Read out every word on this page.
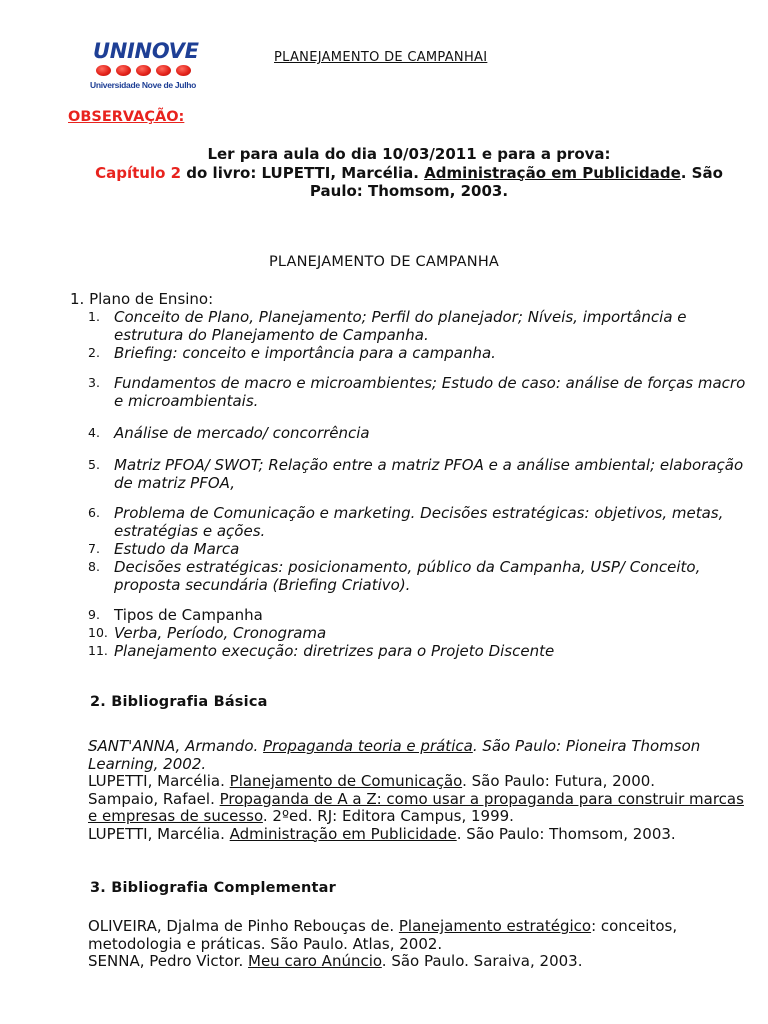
UNINOVE
Universidade Nove de Julho
PLANEJAMENTO DE CAMPANHAI
OBSERVAÇÃO:
Ler para aula do dia 10/03/2011 e para a prova:
Capítulo 2 do livro: LUPETTI, Marcélia. Administração em Publicidade. São
Paulo: Thomsom, 2003.
PLANEJAMENTO DE CAMPANHA
1. Plano de Ensino:
1. Conceito de Plano, Planejamento; Perfil do planejador; Níveis, importância e estrutura do Planejamento de Campanha.
2. Briefing: conceito e importância para a campanha.
3. Fundamentos de macro e microambientes; Estudo de caso: análise de forças macro e microambientais.
4. Análise de mercado/ concorrência
5. Matriz PFOA/ SWOT; Relação entre a matriz PFOA e a análise ambiental; elaboração de matriz PFOA,
6. Problema de Comunicação e marketing. Decisões estratégicas: objetivos, metas, estratégias e ações.
7. Estudo da Marca
8. Decisões estratégicas: posicionamento, público da Campanha, USP/ Conceito, proposta secundária (Briefing Criativo).
9. Tipos de Campanha
10. Verba, Período, Cronograma
11. Planejamento execução: diretrizes para o Projeto Discente
2. Bibliografia Básica
SANT'ANNA, Armando. Propaganda teoria e prática. São Paulo: Pioneira Thomson Learning, 2002.
LUPETTI, Marcélia. Planejamento de Comunicação. São Paulo: Futura, 2000.
Sampaio, Rafael. Propaganda de A a Z: como usar a propaganda para construir marcas e empresas de sucesso. 2ºed. RJ: Editora Campus, 1999.
LUPETTI, Marcélia. Administração em Publicidade. São Paulo: Thomsom, 2003.
3. Bibliografia Complementar
OLIVEIRA, Djalma de Pinho Rebouças de. Planejamento estratégico: conceitos, metodologia e práticas. São Paulo. Atlas, 2002.
SENNA, Pedro Victor. Meu caro Anúncio. São Paulo. Saraiva, 2003.
